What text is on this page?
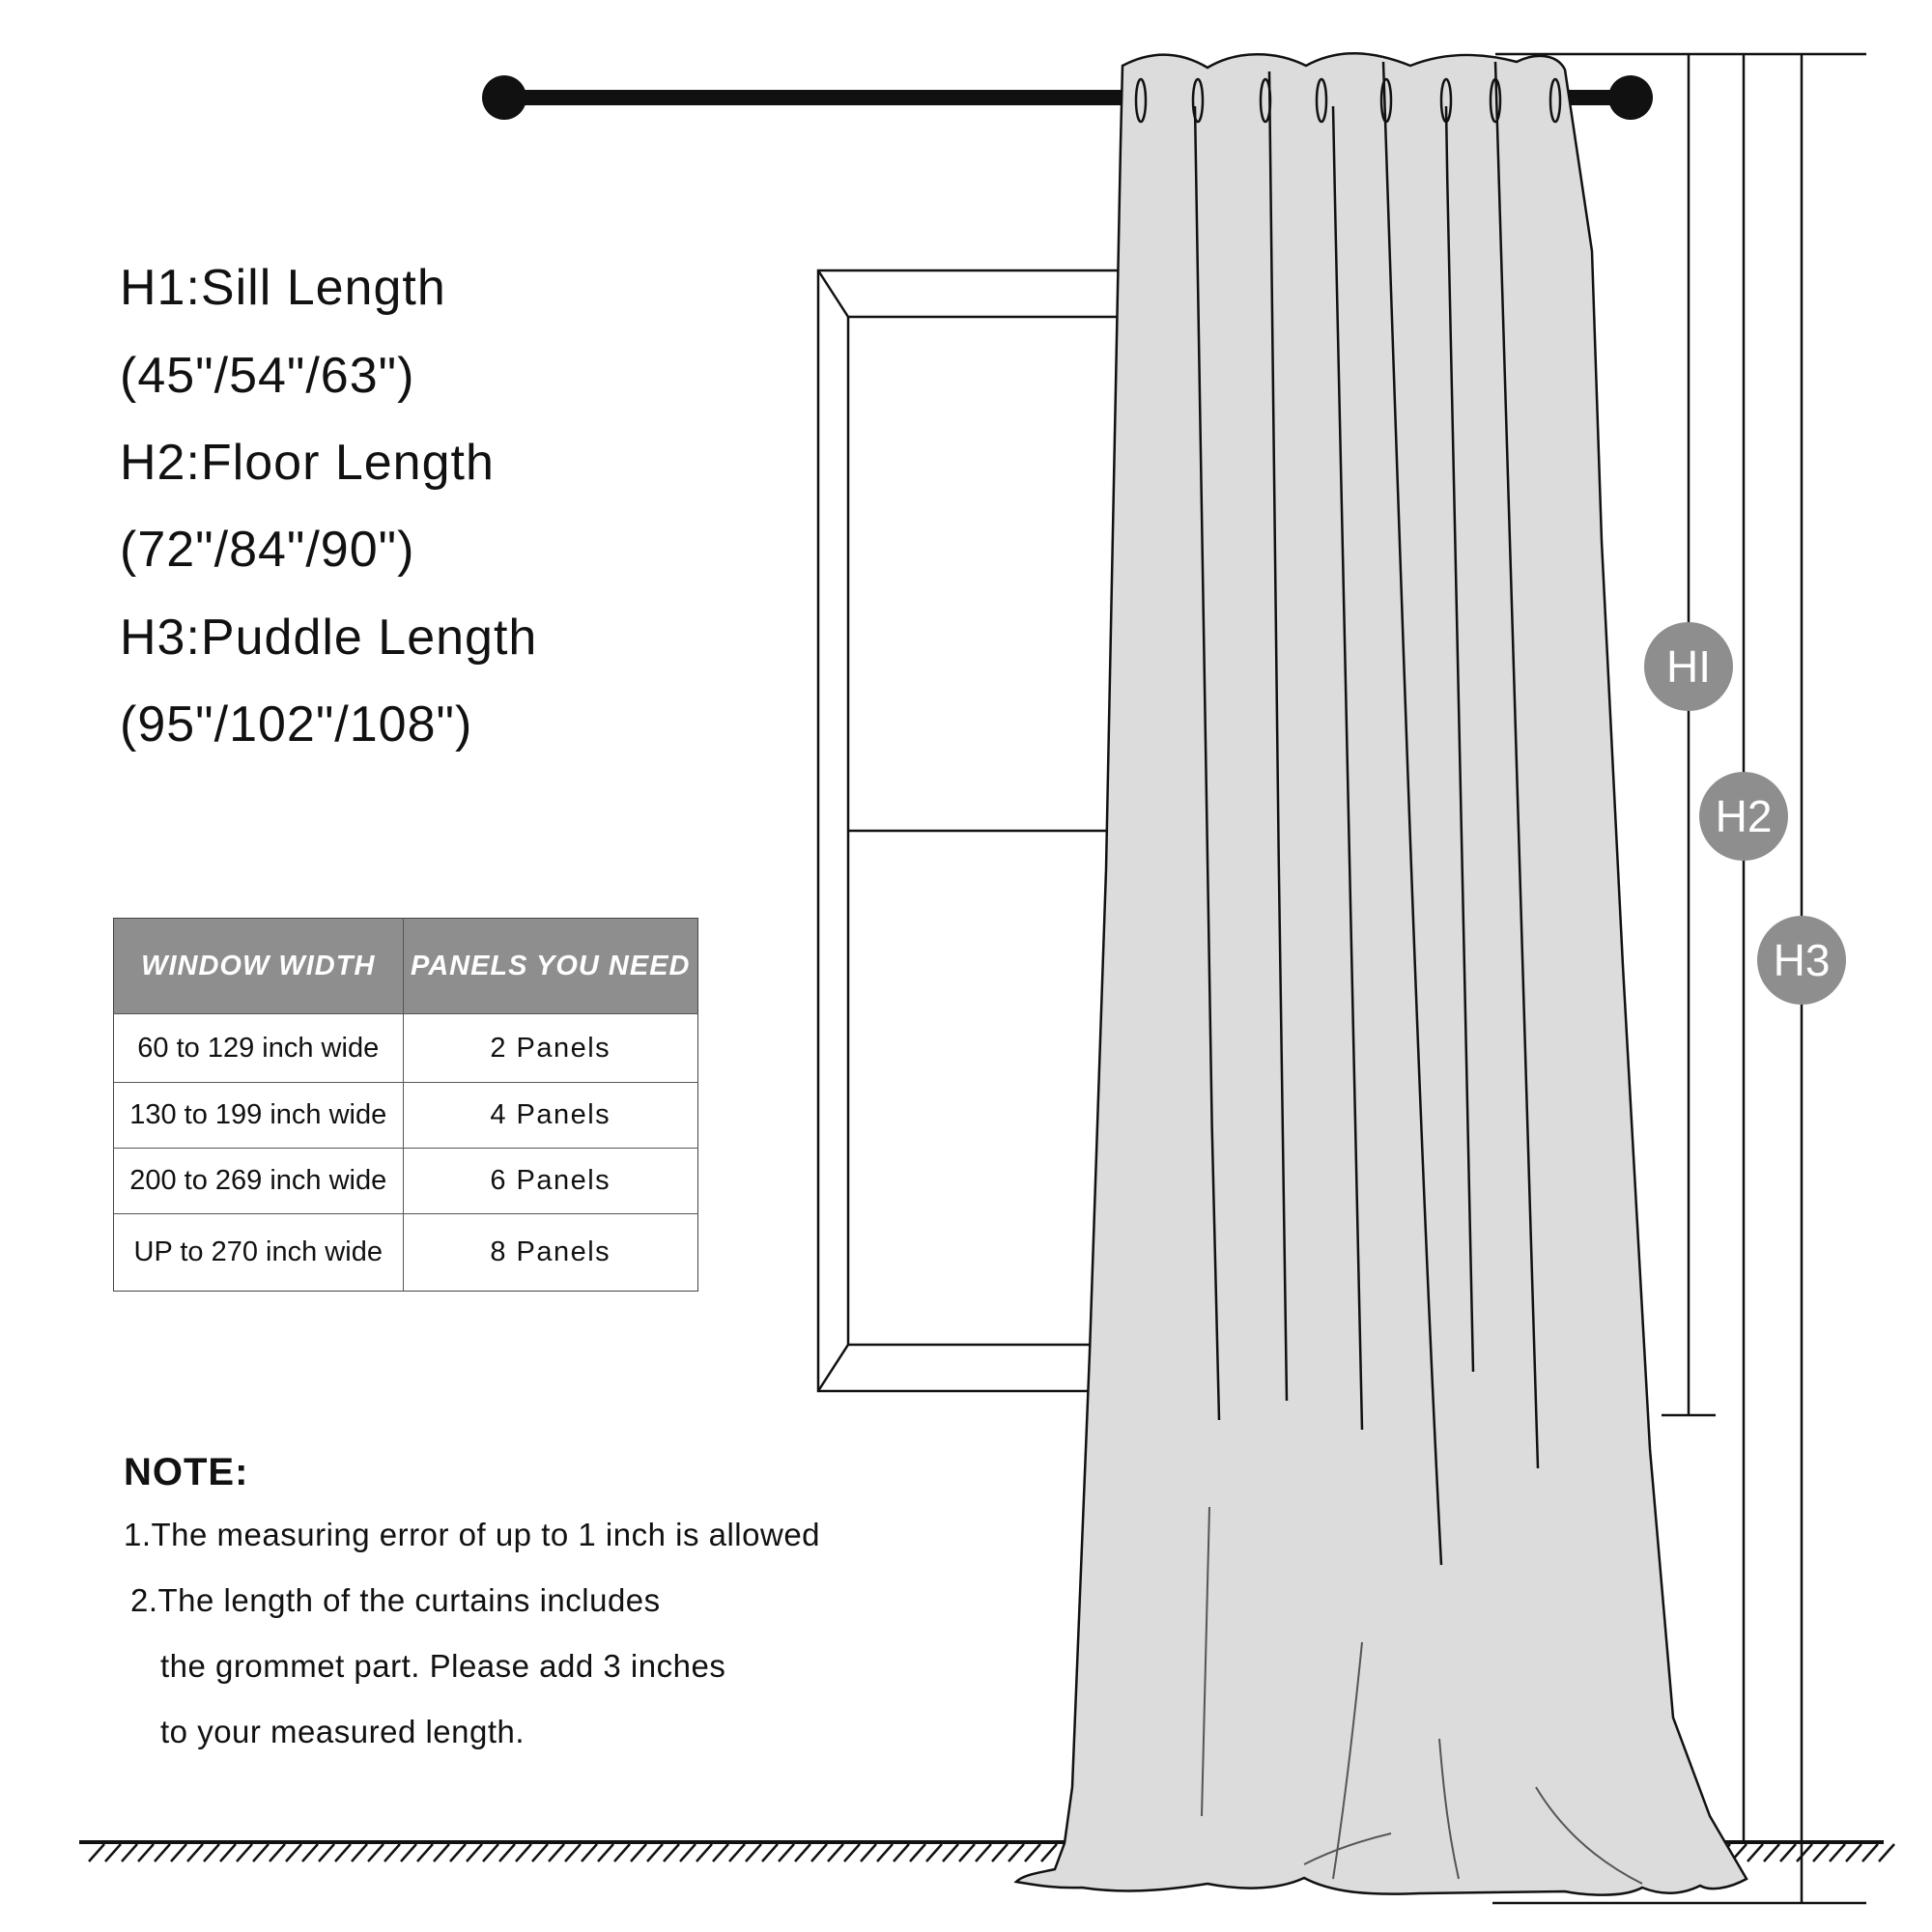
HI
H2
H3
H1:Sill Length
(45"/54"/63")
H2:Floor Length
(72"/84"/90")
H3:Puddle Length
(95"/102"/108")
WINDOW WIDTH	PANELS YOU NEED
60 to 129 inch wide	2 Panels
130 to 199 inch wide	4 Panels
200 to 269 inch wide	6 Panels
UP to 270 inch wide	8 Panels
NOTE:
1.The measuring error of up to 1 inch is allowed
2.The length of the curtains includes
the grommet part. Please add 3 inches
to your measured length.
